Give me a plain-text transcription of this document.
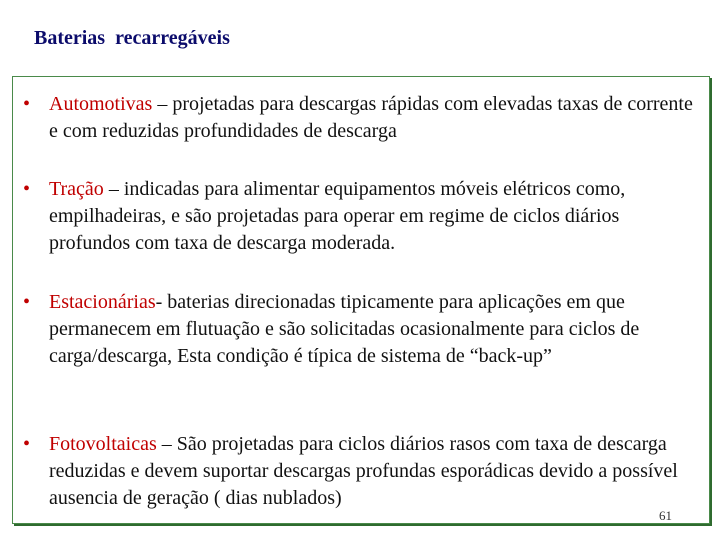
Baterias  recarregáveis
• Automotivas – projetadas para descargas rápidas com elevadas taxas de corrente e com reduzidas profundidades de descarga
• Tração – indicadas para alimentar equipamentos móveis elétricos como, empilhadeiras, e são projetadas para operar em regime de ciclos diários profundos com taxa de descarga moderada.
• Estacionárias- baterias direcionadas tipicamente para aplicações em que permanecem em flutuação e são solicitadas ocasionalmente para ciclos de carga/descarga, Esta condição é típica de sistema de “back-up”
• Fotovoltaicas – São projetadas para ciclos diários rasos com taxa de descarga reduzidas e devem suportar descargas profundas esporádicas devido a possível ausencia de geração ( dias nublados)
61
